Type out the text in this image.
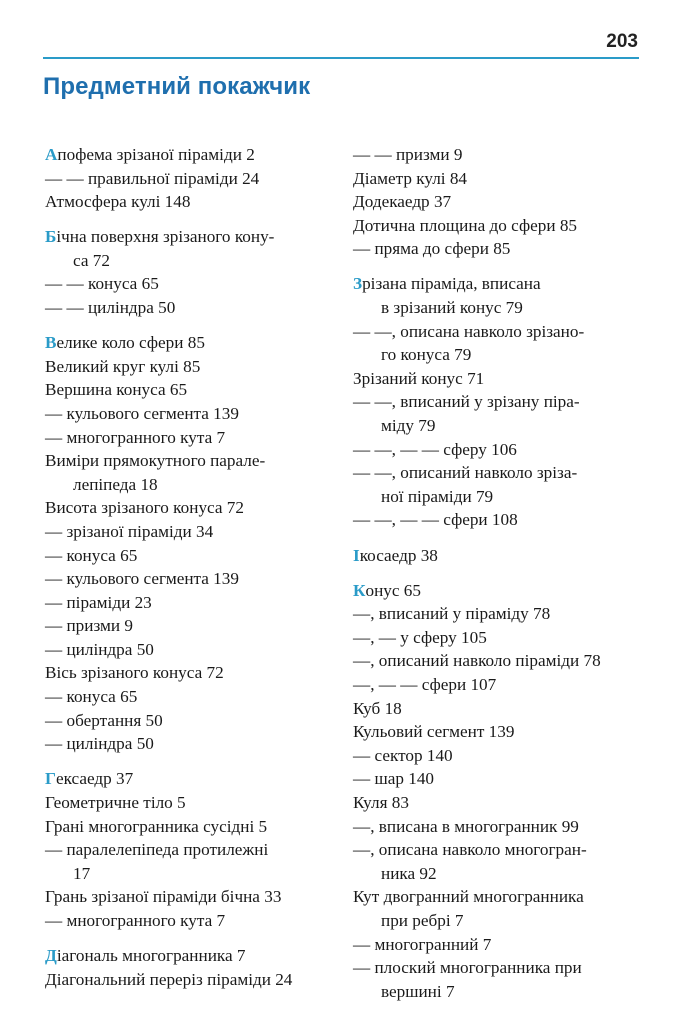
203
Предметний покажчик
Апофема зрізаної піраміди 2
— — правильної піраміди 24
Атмосфера кулі 148
Бічна поверхня зрізаного кону-
са 72
— — конуса 65
— — циліндра 50
Велике коло сфери 85
Великий круг кулі 85
Вершина конуса 65
— кульового сегмента 139
— многогранного кута 7
Виміри прямокутного парале-
лепіпеда 18
Висота зрізаного конуса 72
— зрізаної піраміди 34
— конуса 65
— кульового сегмента 139
— піраміди 23
— призми 9
— циліндра 50
Вісь зрізаного конуса 72
— конуса 65
— обертання 50
— циліндра 50
Гексаедр 37
Геометричне тіло 5
Грані многогранника сусідні 5
— паралелепіпеда протилежні
17
Грань зрізаної піраміди бічна 33
— многогранного кута 7
Діагональ многогранника 7
Діагональний переріз піраміди 24
— — призми 9
Діаметр кулі 84
Додекаедр 37
Дотична площина до сфери 85
— пряма до сфери 85
Зрізана піраміда, вписана
в зрізаний конус 79
— —, описана навколо зрізано-
го конуса 79
Зрізаний конус 71
— —, вписаний у зрізану пірa-
міду 79
— —, — — сферу 106
— —, описаний навколо зріза-
ної піраміди 79
— —, — — сфери 108
Ікосаедр 38
Конус 65
—, вписаний у піраміду 78
—, — у сферу 105
—, описаний навколо піраміди 78
—, — — сфери 107
Куб 18
Кульовий сегмент 139
— сектор 140
— шар 140
Куля 83
—, вписана в многогранник 99
—, описана навколо многогран-
ника 92
Кут двогранний многогранника
при ребрі 7
— многогранний 7
— плоский многогранника при
вершині 7
